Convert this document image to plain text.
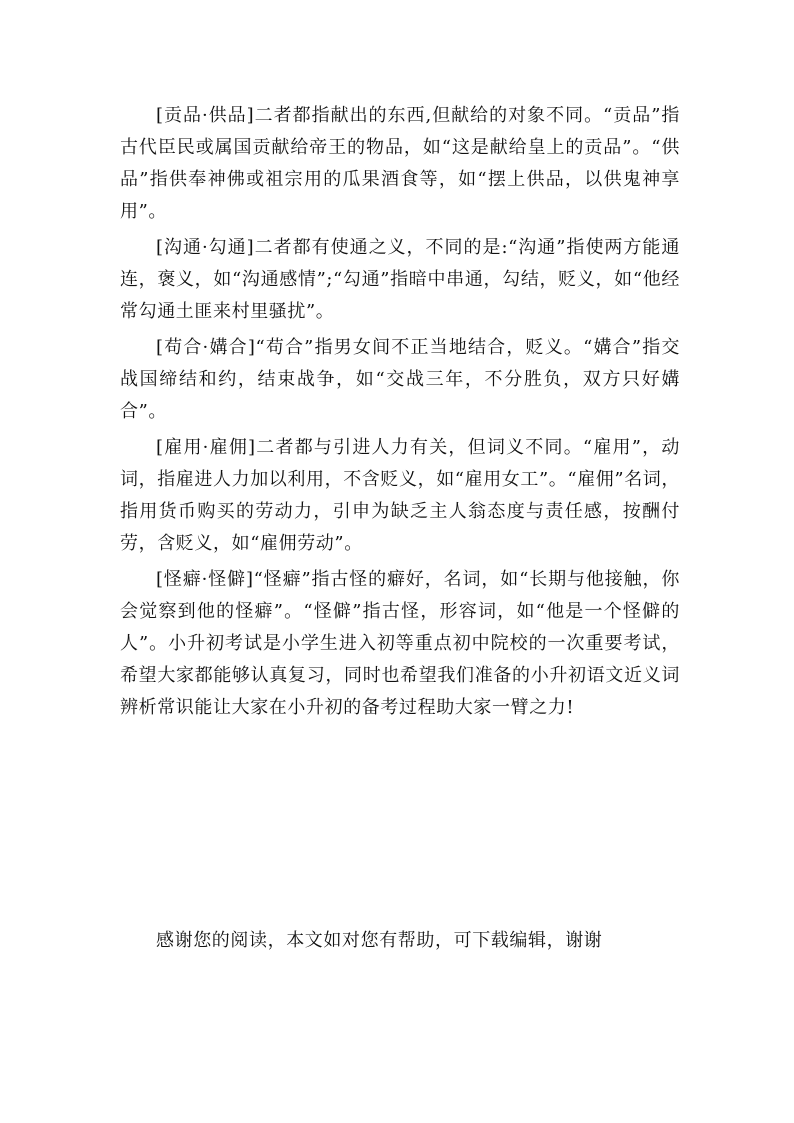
[贡品·供品]二者都指献出的东西,但献给的对象不同。“贡品”指古代臣民或属国贡献给帝王的物品，如“这是献给皇上的贡品”。“供品”指供奉神佛或祖宗用的瓜果酒食等，如“摆上供品，以供鬼神享用”。

[沟通·勾通]二者都有使通之义，不同的是:“沟通”指使两方能通连，褒义，如“沟通感情”;“勾通”指暗中串通，勾结，贬义，如“他经常勾通土匪来村里骚扰”。

[苟合·媾合]“苟合”指男女间不正当地结合，贬义。“媾合”指交战国缔结和约，结束战争，如“交战三年，不分胜负，双方只好媾合”。

[雇用·雇佣]二者都与引进人力有关，但词义不同。“雇用”，动词，指雇进人力加以利用，不含贬义，如“雇用女工”。“雇佣”名词，指用货币购买的劳动力，引申为缺乏主人翁态度与责任感，按酬付劳，含贬义，如“雇佣劳动”。

[怪癖·怪僻]“怪癖”指古怪的癖好，名词，如“长期与他接触，你会觉察到他的怪癖”。“怪僻”指古怪，形容词，如“他是一个怪僻的人”。小升初考试是小学生进入初等重点初中院校的一次重要考试，希望大家都能够认真复习，同时也希望我们准备的小升初语文近义词辨析常识能让大家在小升初的备考过程助大家一臂之力!

感谢您的阅读，本文如对您有帮助，可下载编辑，谢谢
